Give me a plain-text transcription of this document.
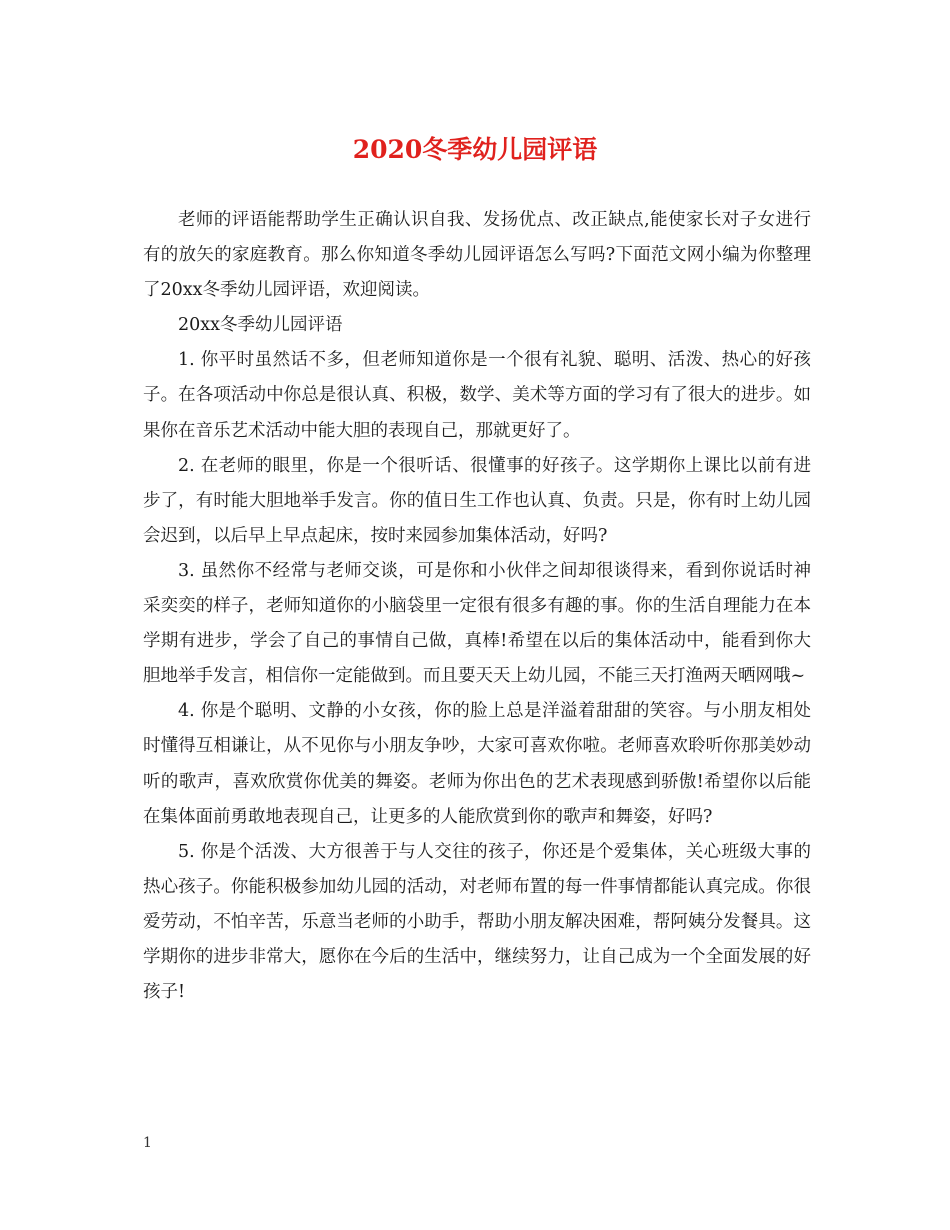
2020冬季幼儿园评语

老师的评语能帮助学生正确认识自我、发扬优点、改正缺点,能使家长对子女进行有的放矢的家庭教育。那么你知道冬季幼儿园评语怎么写吗?下面范文网小编为你整理了20xx冬季幼儿园评语，欢迎阅读。

20xx冬季幼儿园评语

1. 你平时虽然话不多，但老师知道你是一个很有礼貌、聪明、活泼、热心的好孩子。在各项活动中你总是很认真、积极，数学、美术等方面的学习有了很大的进步。如果你在音乐艺术活动中能大胆的表现自己，那就更好了。

2. 在老师的眼里，你是一个很听话、很懂事的好孩子。这学期你上课比以前有进步了，有时能大胆地举手发言。你的值日生工作也认真、负责。只是，你有时上幼儿园会迟到，以后早上早点起床，按时来园参加集体活动，好吗?

3. 虽然你不经常与老师交谈，可是你和小伙伴之间却很谈得来，看到你说话时神采奕奕的样子，老师知道你的小脑袋里一定很有很多有趣的事。你的生活自理能力在本学期有进步，学会了自己的事情自己做，真棒!希望在以后的集体活动中，能看到你大胆地举手发言，相信你一定能做到。而且要天天上幼儿园，不能三天打渔两天晒网哦~

4. 你是个聪明、文静的小女孩，你的脸上总是洋溢着甜甜的笑容。与小朋友相处时懂得互相谦让，从不见你与小朋友争吵，大家可喜欢你啦。老师喜欢聆听你那美妙动听的歌声，喜欢欣赏你优美的舞姿。老师为你出色的艺术表现感到骄傲!希望你以后能在集体面前勇敢地表现自己，让更多的人能欣赏到你的歌声和舞姿，好吗?

5. 你是个活泼、大方很善于与人交往的孩子，你还是个爱集体，关心班级大事的热心孩子。你能积极参加幼儿园的活动，对老师布置的每一件事情都能认真完成。你很爱劳动，不怕辛苦，乐意当老师的小助手，帮助小朋友解决困难，帮阿姨分发餐具。这学期你的进步非常大，愿你在今后的生活中，继续努力，让自己成为一个全面发展的好孩子!

1
